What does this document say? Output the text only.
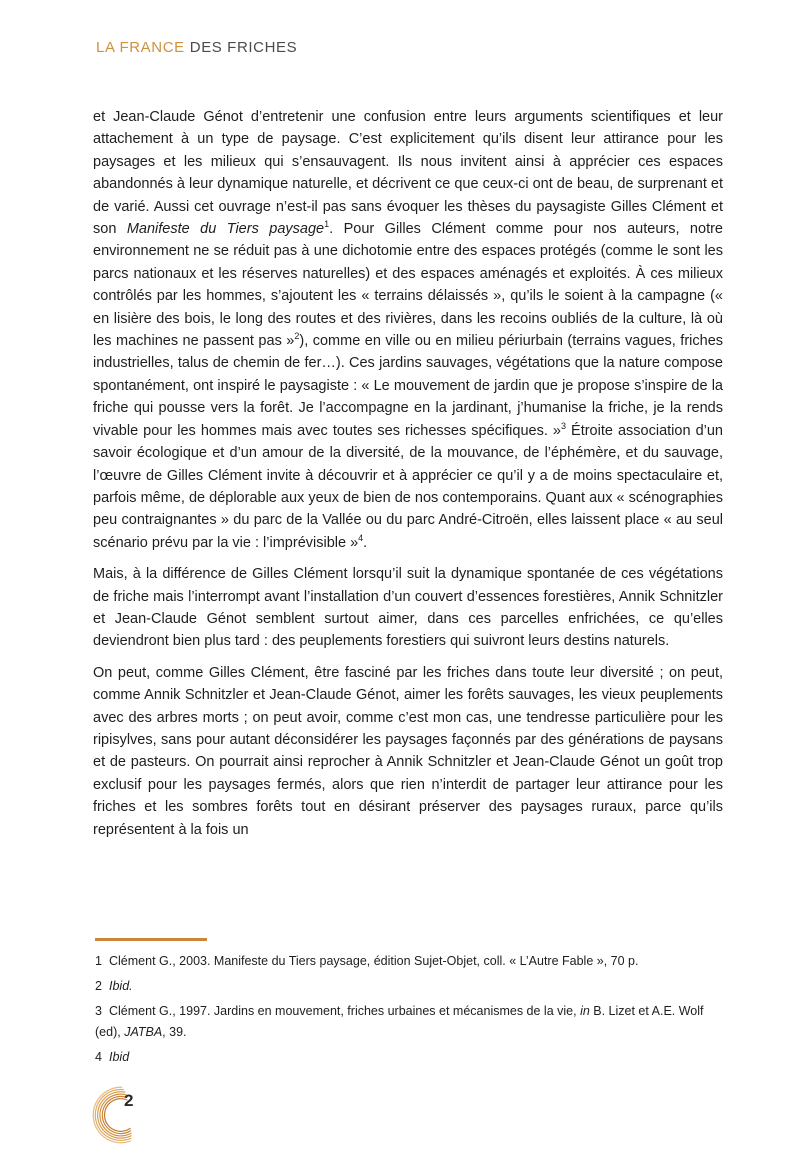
LA FRANCE DES FRICHES

et Jean-Claude Génot d’entretenir une confusion entre leurs arguments scientifiques et leur attachement à un type de paysage. C’est explicitement qu’ils disent leur attirance pour les paysages et les milieux qui s’ensauvagent. Ils nous invitent ainsi à apprécier ces espaces abandonnés à leur dynamique naturelle, et décrivent ce que ceux-ci ont de beau, de surprenant et de varié. Aussi cet ouvrage n’est-il pas sans évoquer les thèses du paysagiste Gilles Clément et son Manifeste du Tiers paysage$^1$. Pour Gilles Clément comme pour nos auteurs, notre environnement ne se réduit pas à une dichotomie entre des espaces protégés (comme le sont les parcs nationaux et les réserves naturelles) et des espaces aménagés et exploités. À ces milieux contrôlés par les hommes, s’ajoutent les « terrains délaissés », qu’ils le soient à la campagne (« en lisière des bois, le long des routes et des rivières, dans les recoins oubliés de la culture, là où les machines ne passent pas »$^2$), comme en ville ou en milieu périurbain (terrains vagues, friches industrielles, talus de chemin de fer…). Ces jardins sauvages, végétations que la nature compose spontanément, ont inspiré le paysagiste : « Le mouvement de jardin que je propose s’inspire de la friche qui pousse vers la forêt. Je l’accompagne en la jardinant, j’humanise la friche, je la rends vivable pour les hommes mais avec toutes ses richesses spécifiques. »$^3$ Étroite association d’un savoir écologique et d’un amour de la diversité, de la mouvance, de l’éphémère, et du sauvage, l’œuvre de Gilles Clément invite à découvrir et à apprécier ce qu’il y a de moins spectaculaire et, parfois même, de déplorable aux yeux de bien de nos contemporains. Quant aux « scénographies peu contraignantes » du parc de la Vallée ou du parc André-Citroën, elles laissent place « au seul scénario prévu par la vie : l’imprévisible »$^4$.

Mais, à la différence de Gilles Clément lorsqu’il suit la dynamique spontanée de ces végétations de friche mais l’interrompt avant l’installation d’un couvert d’essences forestières, Annik Schnitzler et Jean-Claude Génot semblent surtout aimer, dans ces parcelles enfrichées, ce qu’elles deviendront bien plus tard : des peuplements forestiers qui suivront leurs destins naturels.

On peut, comme Gilles Clément, être fasciné par les friches dans toute leur diversité ; on peut, comme Annik Schnitzler et Jean-Claude Génot, aimer les forêts sauvages, les vieux peuplements avec des arbres morts ; on peut avoir, comme c’est mon cas, une tendresse particulière pour les ripisylves, sans pour autant déconsidérer les paysages façonnés par des générations de paysans et de pasteurs. On pourrait ainsi reprocher à Annik Schnitzler et Jean-Claude Génot un goût trop exclusif pour les paysages fermés, alors que rien n’interdit de partager leur attirance pour les friches et les sombres forêts tout en désirant préserver des paysages ruraux, parce qu’ils représentent à la fois un

1 Clément G., 2003. Manifeste du Tiers paysage, édition Sujet-Objet, coll. « L’Autre Fable », 70 p.

2 Ibid.

3 Clément G., 1997. Jardins en mouvement, friches urbaines et mécanismes de la vie, in B. Lizet et A.E. Wolf (ed), JATBA, 39.

4 Ibid

2
